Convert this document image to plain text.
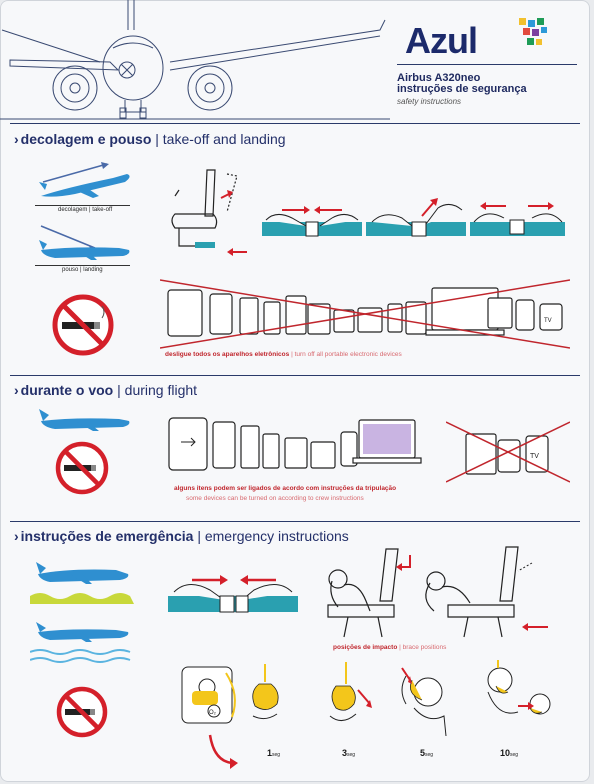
Azul
Airbus A320neo
instruções de segurança
safety instructions
› decolagem e pouso | take-off and landing
decolagem | take-off
pouso | landing
TV
desligue todos os aparelhos eletrônicos | turn off all portable electronic devices
› durante o voo | during flight
TV
alguns itens podem ser ligados de acordo com instruções da tripulação
some devices can be turned on according to crew instructions
› instruções de emergência | emergency instructions
posições de impacto | brace positions
O₂
1seg	3seg	5seg	10seg
